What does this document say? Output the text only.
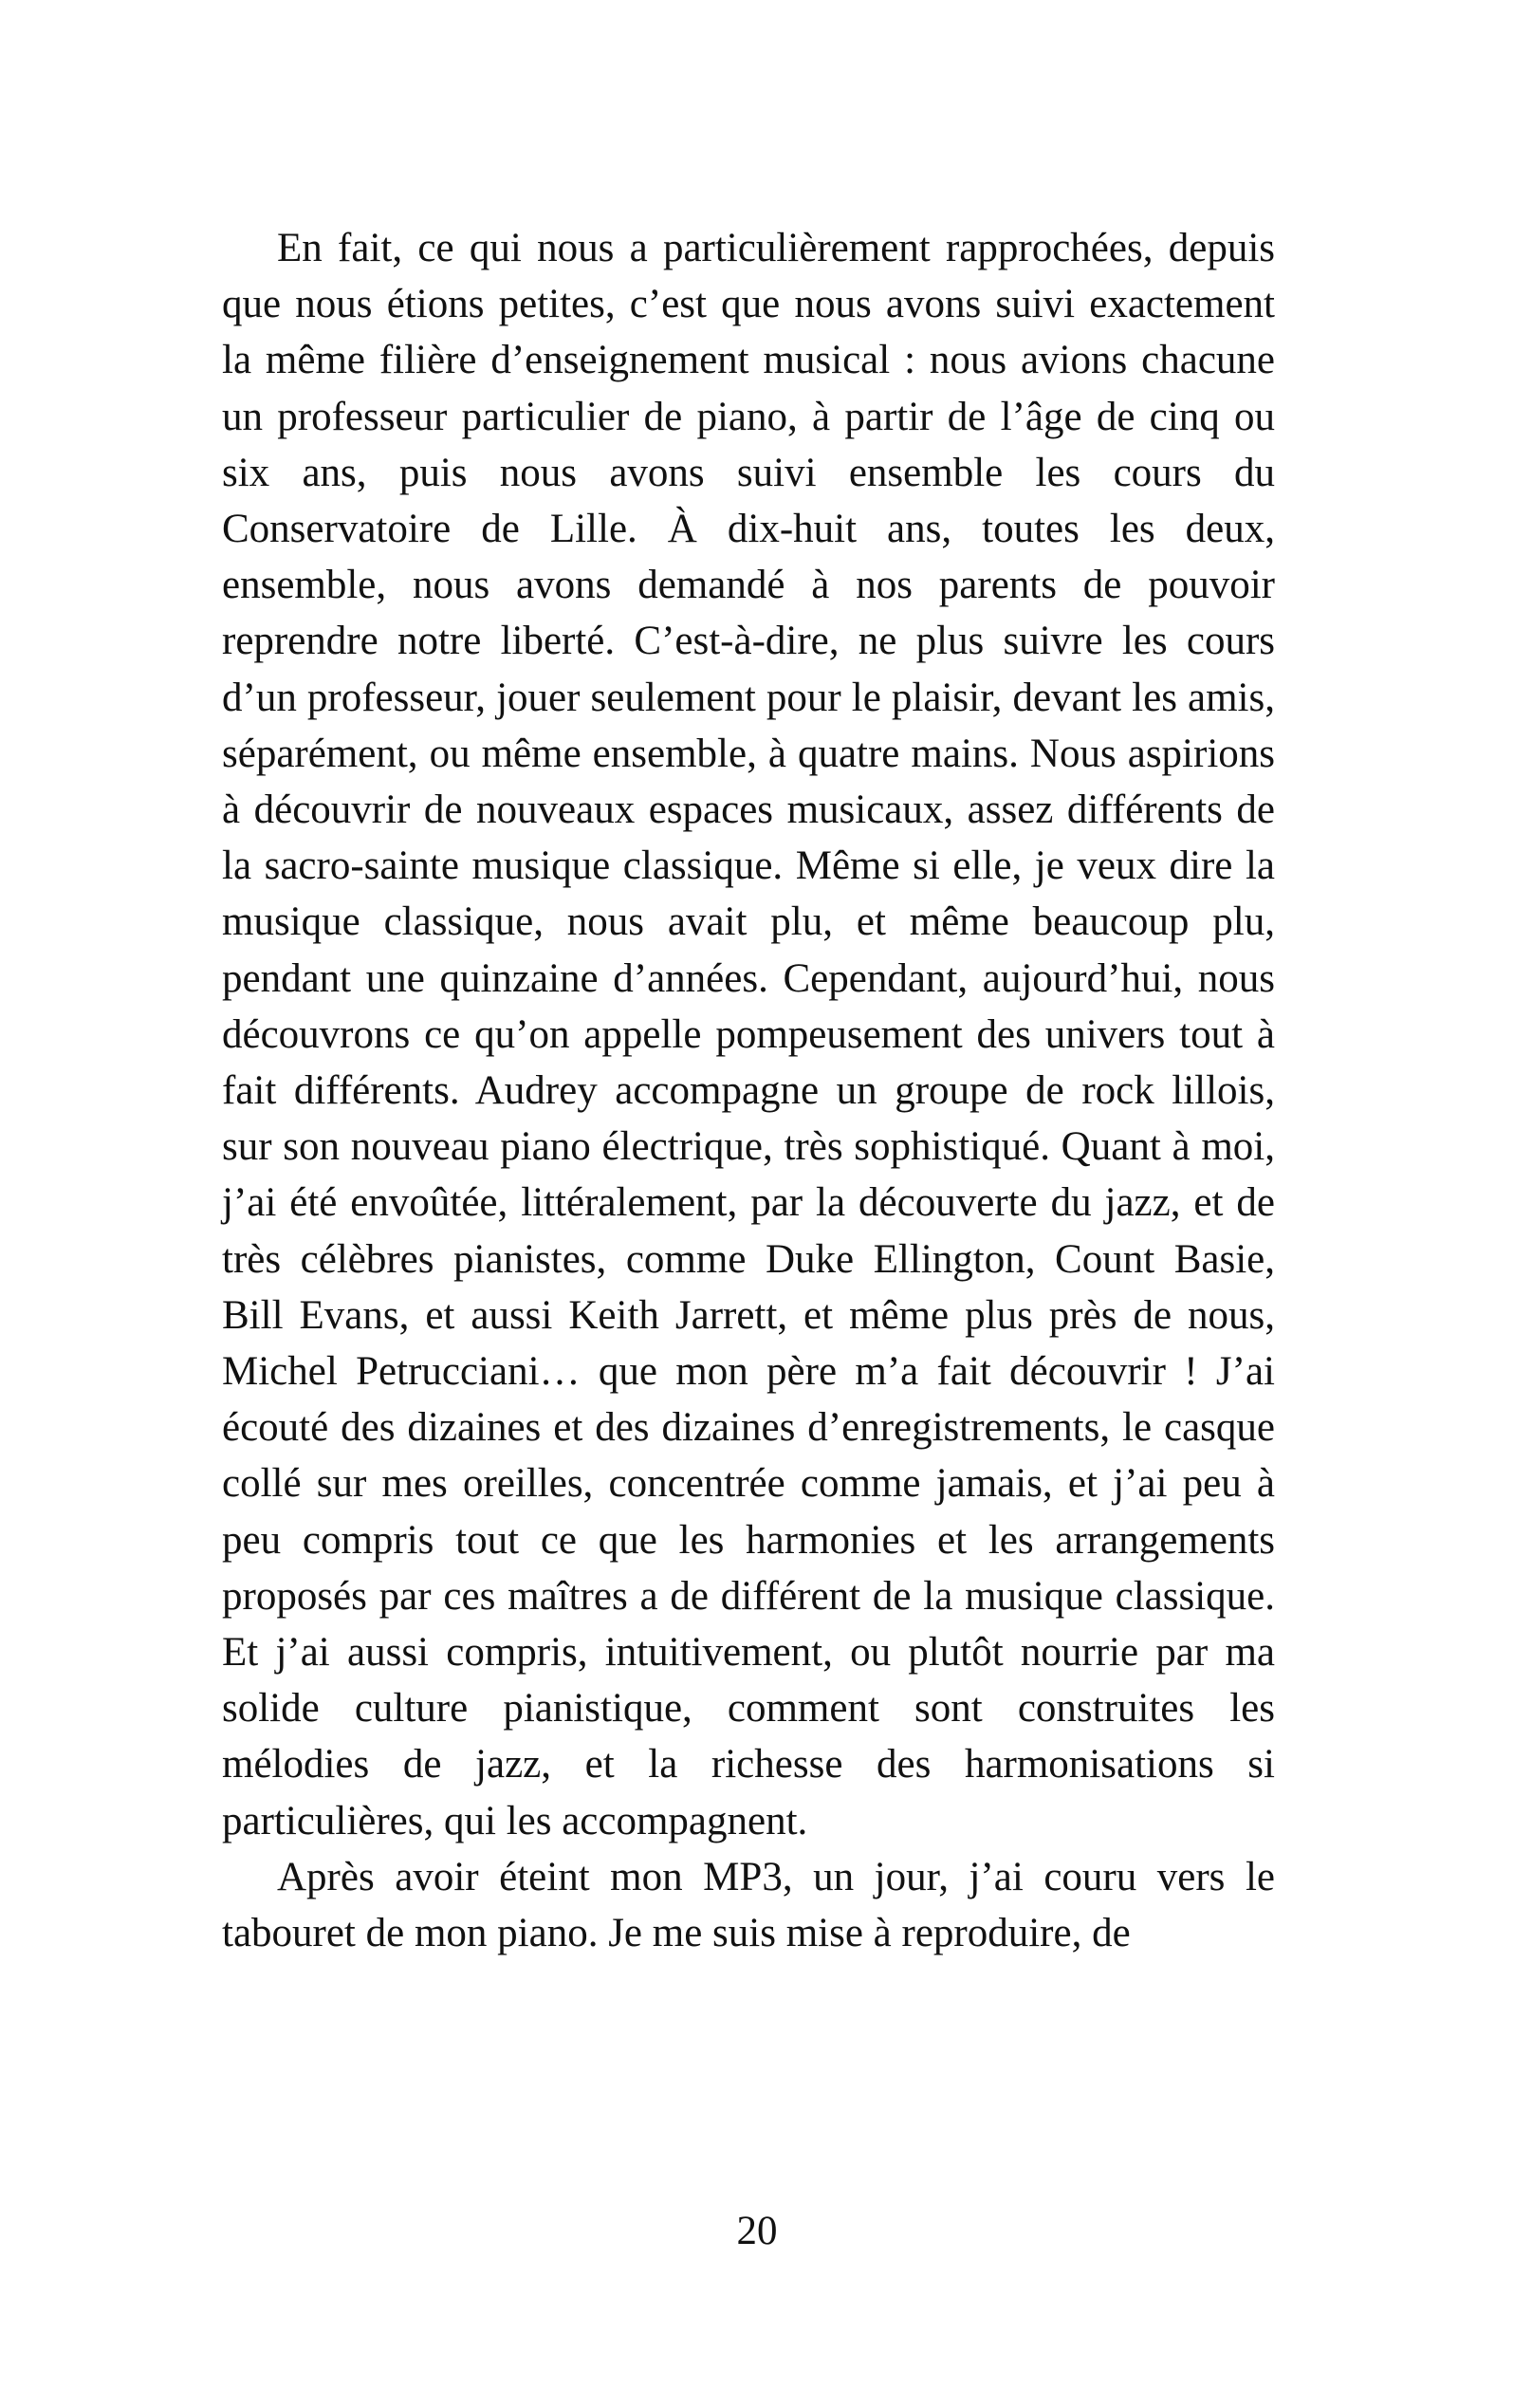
En fait, ce qui nous a particulièrement rapprochées, depuis que nous étions petites, c’est que nous avons suivi exactement la même filière d’enseignement musical : nous avions chacune un professeur particulier de piano, à partir de l’âge de cinq ou six ans, puis nous avons suivi ensemble les cours du Conservatoire de Lille. À dix-huit ans, toutes les deux, ensemble, nous avons demandé à nos parents de pouvoir reprendre notre liberté. C’est-à-dire, ne plus suivre les cours d’un professeur, jouer seulement pour le plaisir, devant les amis, séparément, ou même ensemble, à quatre mains. Nous aspirions à découvrir de nouveaux espaces musicaux, assez différents de la sacro-sainte musique classique. Même si elle, je veux dire la musique classique, nous avait plu, et même beaucoup plu, pendant une quinzaine d’années. Cependant, aujourd’hui, nous découvrons ce qu’on appelle pompeusement des univers tout à fait différents. Audrey accompagne un groupe de rock lillois, sur son nouveau piano électrique, très sophistiqué. Quant à moi, j’ai été envoûtée, littéralement, par la découverte du jazz, et de très célèbres pianistes, comme Duke Ellington, Count Basie, Bill Evans, et aussi Keith Jarrett, et même plus près de nous, Michel Petrucciani… que mon père m’a fait découvrir ! J’ai écouté des dizaines et des dizaines d’enregistrements, le casque collé sur mes oreilles, concentrée comme jamais, et j’ai peu à peu compris tout ce que les harmonies et les arrangements proposés par ces maîtres a de différent de la musique classique. Et j’ai aussi compris, intuitivement, ou plutôt nourrie par ma solide culture pianistique, comment sont construites les mélodies de jazz, et la richesse des harmonisations si particulières, qui les accompagnent.

Après avoir éteint mon MP3, un jour, j’ai couru vers le tabouret de mon piano. Je me suis mise à reproduire, de

20
